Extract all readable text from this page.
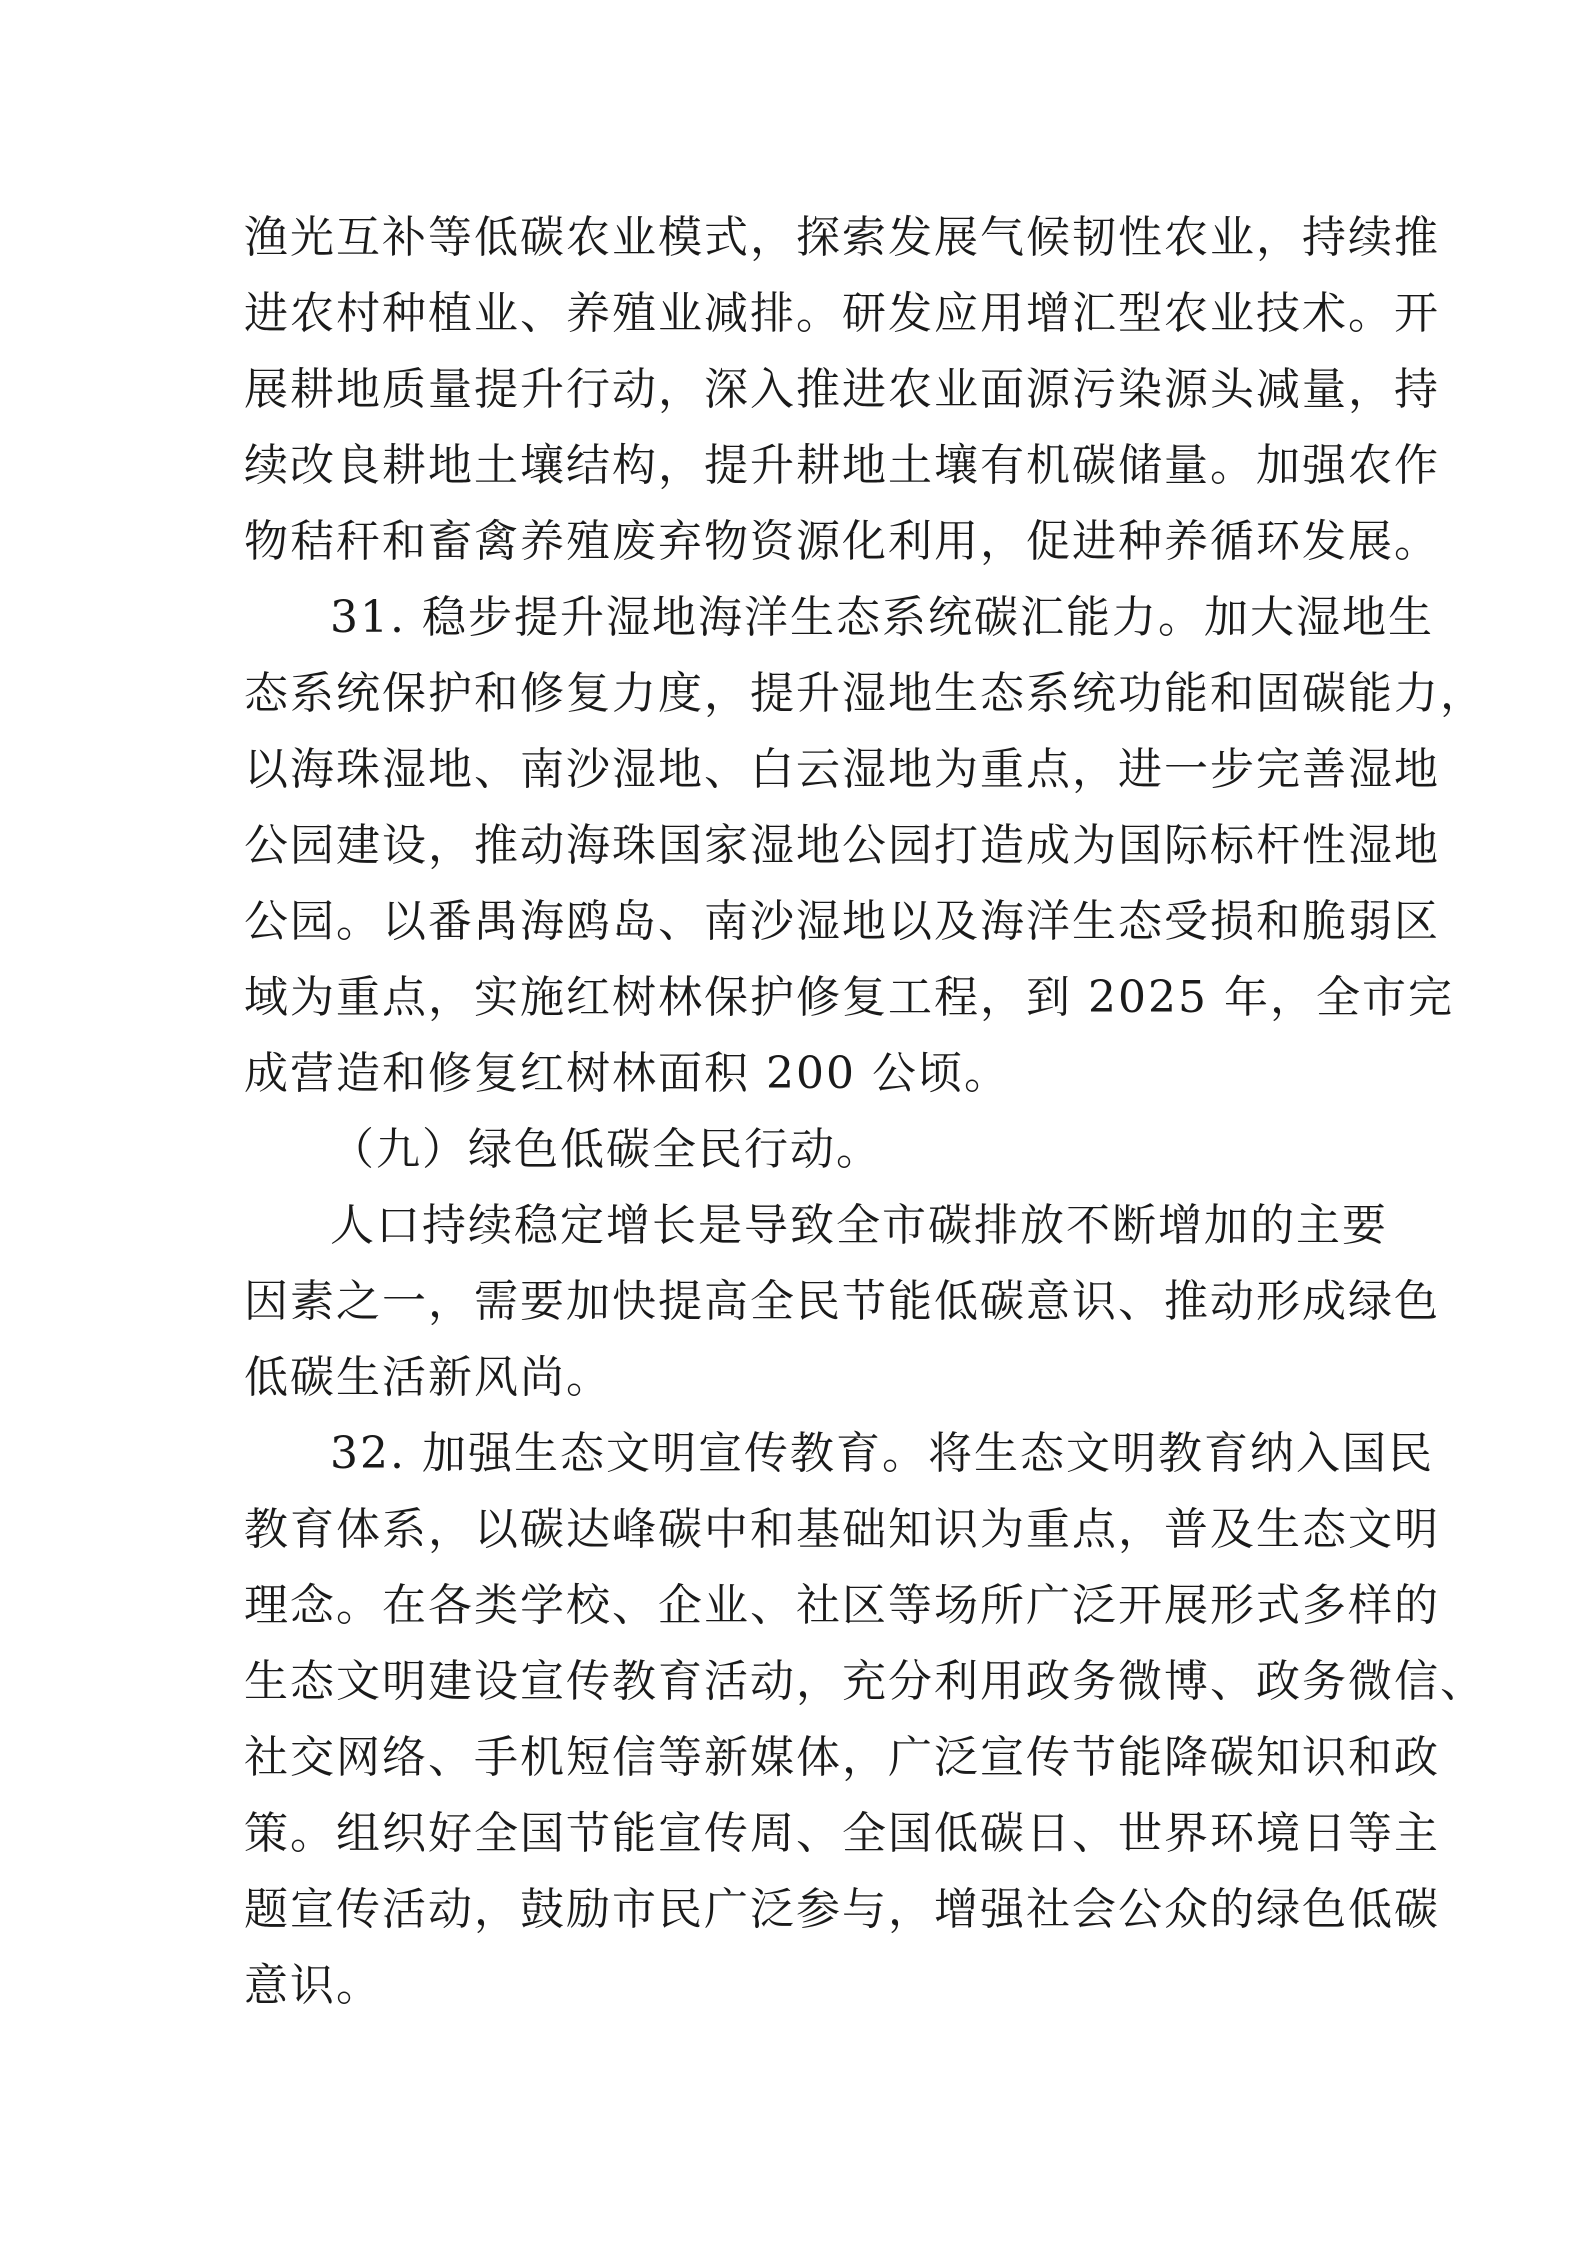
渔光互补等低碳农业模式，探索发展气候韧性农业，持续推
进农村种植业、养殖业减排。研发应用增汇型农业技术。开
展耕地质量提升行动，深入推进农业面源污染源头减量，持
续改良耕地土壤结构，提升耕地土壤有机碳储量。加强农作
物秸秆和畜禽养殖废弃物资源化利用，促进种养循环发展。
31. 稳步提升湿地海洋生态系统碳汇能力。加大湿地生
态系统保护和修复力度，提升湿地生态系统功能和固碳能力，
以海珠湿地、南沙湿地、白云湿地为重点，进一步完善湿地
公园建设，推动海珠国家湿地公园打造成为国际标杆性湿地
公园。以番禺海鸥岛、南沙湿地以及海洋生态受损和脆弱区
域为重点，实施红树林保护修复工程，到 2025 年，全市完
成营造和修复红树林面积 200 公顷。
（九）绿色低碳全民行动。
人口持续稳定增长是导致全市碳排放不断增加的主要
因素之一，需要加快提高全民节能低碳意识、推动形成绿色
低碳生活新风尚。
32. 加强生态文明宣传教育。将生态文明教育纳入国民
教育体系，以碳达峰碳中和基础知识为重点，普及生态文明
理念。在各类学校、企业、社区等场所广泛开展形式多样的
生态文明建设宣传教育活动，充分利用政务微博、政务微信、
社交网络、手机短信等新媒体，广泛宣传节能降碳知识和政
策。组织好全国节能宣传周、全国低碳日、世界环境日等主
题宣传活动，鼓励市民广泛参与，增强社会公众的绿色低碳
意识。
